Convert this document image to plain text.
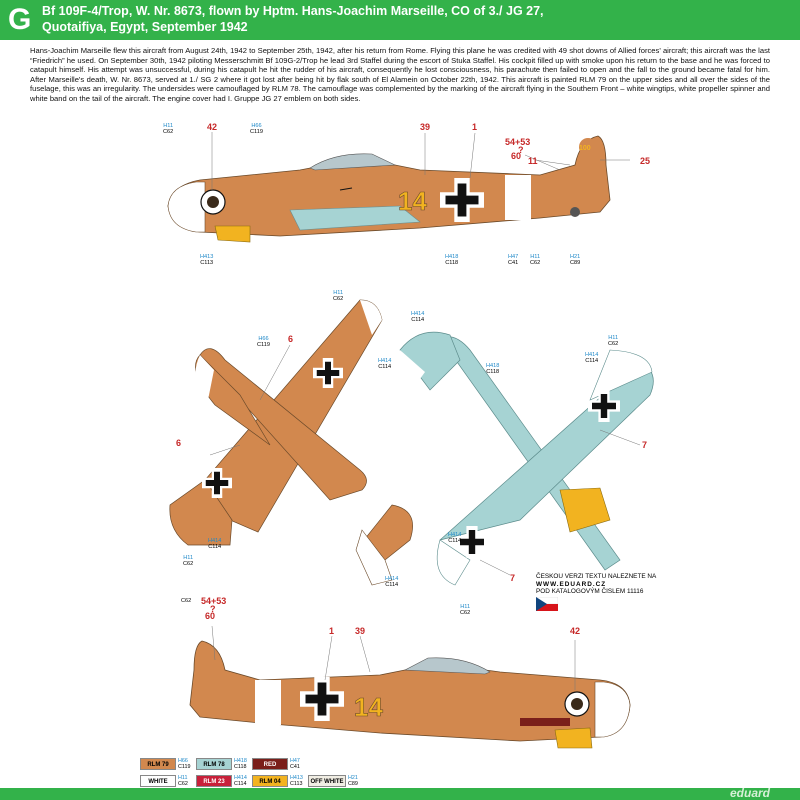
G Bf 109F-4/Trop, W. Nr. 8673, flown by Hptm. Hans-Joachim Marseille, CO of 3./ JG 27,
Quotaifiya, Egypt, September 1942

Hans-Joachim Marseille flew this aircraft from August 24th, 1942 to September 25th, 1942, after his return from Rome. Flying this plane he was credited with 49 shot downs of Allied forces' aircraft; this aircraft was the last “Friedrich” he used. On September 30th, 1942 piloting Messerschmitt Bf 109G-2/Trop he lead 3rd Staffel during the escort of Stuka Staffel. His cockpit filled up with smoke upon his return to the base and he was forced to catapult himself. His attempt was unsuccessful, during his catapult he hit the rudder of his aircraft, consequently he lost consciousness, his parachute then failed to open and the fall to the ground became fatal for him. After Marseille's death, W. Nr. 8673, served at 1./ SG 2 where it got lost after being hit by flak south of El Alamein on October 22th, 1942. This aircraft is painted RLM 79 on the upper sides and all over the sides of the fuselage, this was an irregularity. The undersides were camouflaged by RLM 78. The camouflage was complemented by the marking of the aircraft flying in the Southern Front – white wingtips, white propeller spinner and white band on the tail of the aircraft. The engine cover had I. Gruppe JG 27 emblem on both sides.

14
100
14
42	39	1
54+53
?
60 11	25
6
6	7
7
54+53
?
60
1 39	42
H11
C62
H66
C119
H413
C113
H418
C118
H47
C41
H11
C62
H21
C89
H11
C62
H66
C119
H414
C114
H414
C114
H11
C62
H414
C114
H414
C114
H418
C118
H11
C62
H414
C114
H414
C114
H11
C62
C62
ČESKOU VERZI TEXTU NALEZNETE NA
WWW.EDUARD.CZ
POD KATALOGOVÝM ČISLEM 11116
RLM 79
H66
C119	RLM 78
H418
C118	RED
H47
C41
WHITE
H11
C62	RLM 23
H414
C114	RLM 04
H413
C113	OFF WHITE
H21
C89
eduard
